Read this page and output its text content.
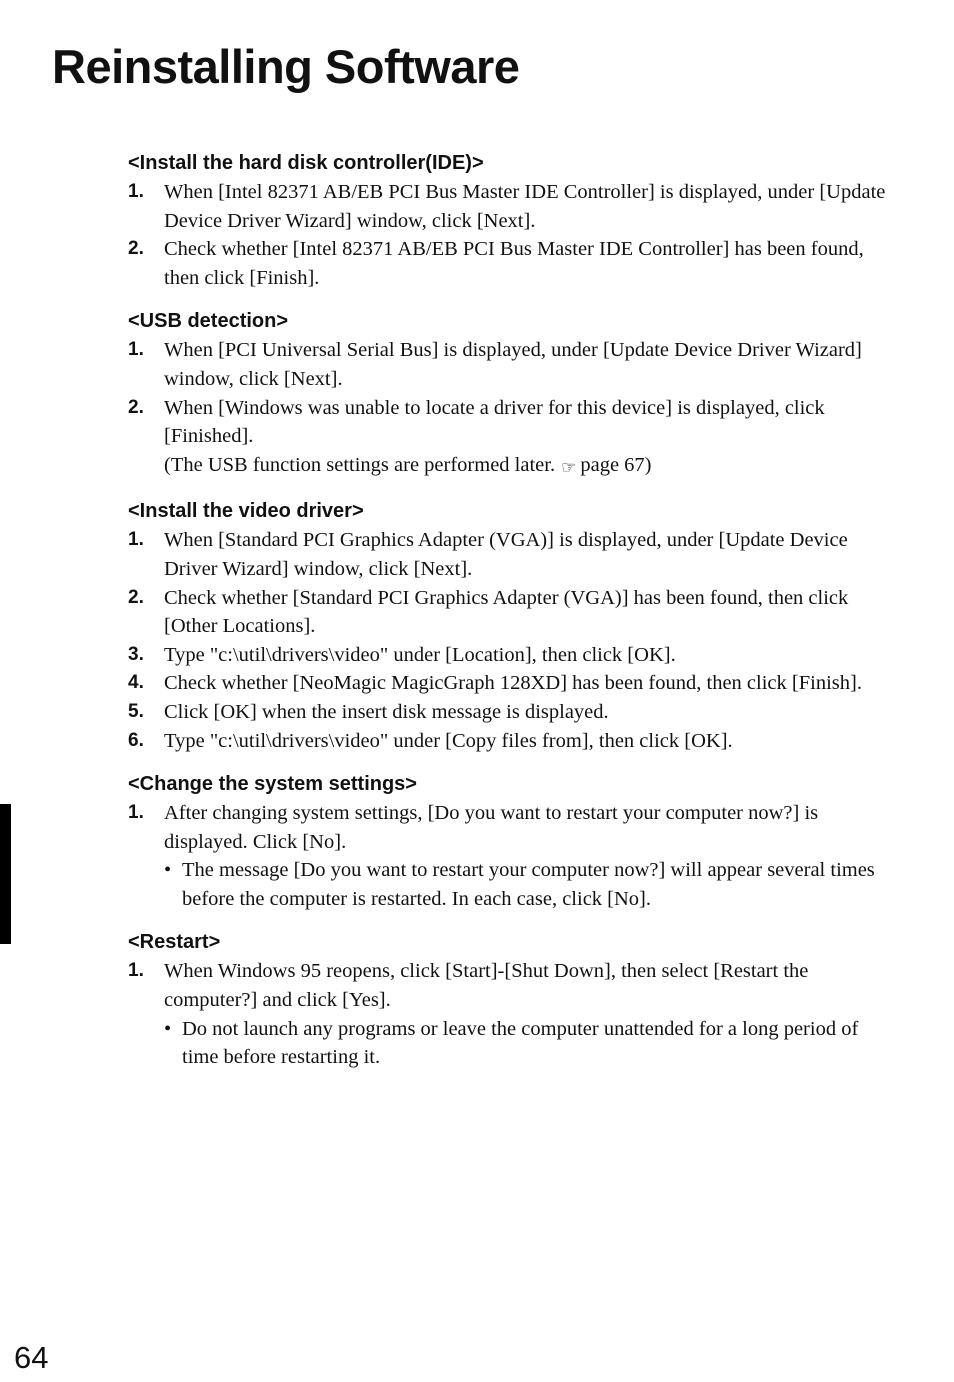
Reinstalling Software
<Install the hard disk controller(IDE)>
1. When [Intel 82371 AB/EB PCI Bus Master IDE Controller] is displayed, under [Update Device Driver Wizard] window, click [Next].
2. Check whether [Intel 82371 AB/EB PCI Bus Master IDE Controller] has been found, then click [Finish].
<USB detection>
1. When [PCI Universal Serial Bus] is displayed, under [Update Device Driver Wizard] window, click [Next].
2. When [Windows was unable to locate a driver for this device] is displayed, click [Finished].
(The USB function settings are performed later. ☞ page 67)
<Install the video driver>
1. When [Standard PCI Graphics Adapter (VGA)] is displayed, under [Update Device Driver Wizard] window, click [Next].
2. Check whether [Standard PCI Graphics Adapter (VGA)] has been found, then click [Other Locations].
3. Type "c:\util\drivers\video" under [Location], then click [OK].
4. Check whether [NeoMagic MagicGraph 128XD] has been found, then click [Finish].
5. Click [OK] when the insert disk message is displayed.
6. Type "c:\util\drivers\video" under [Copy files from], then click [OK].
<Change the system settings>
1. After changing system settings, [Do you want to restart your computer now?] is displayed. Click [No].
• The message [Do you want to restart your computer now?] will appear several times before the computer is restarted. In each case, click [No].
<Restart>
1. When Windows 95 reopens, click [Start]-[Shut Down], then select [Restart the computer?] and click [Yes].
• Do not launch any programs or leave the computer unattended for a long period of time before restarting it.
64
